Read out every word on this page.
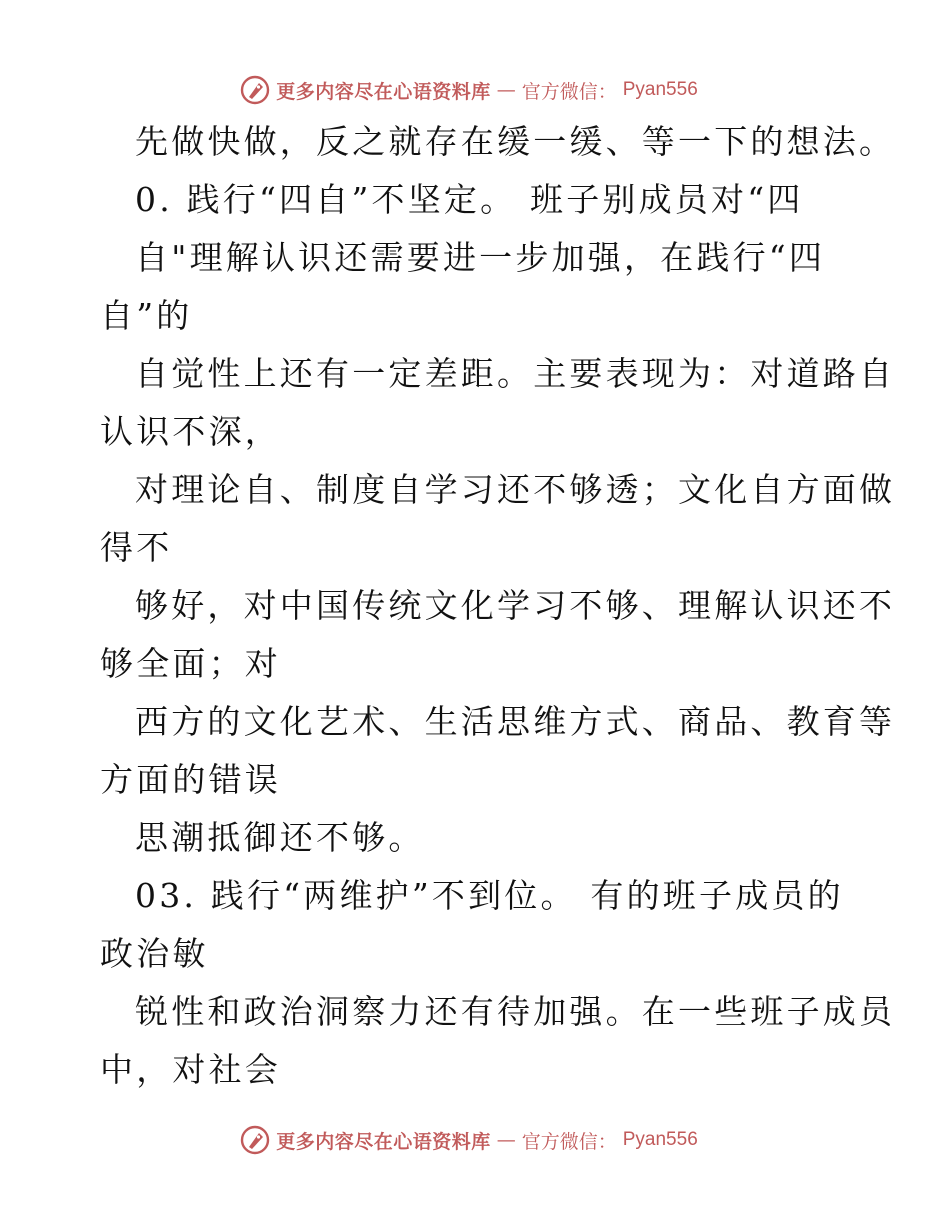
更多内容尽在心语资料库 — 官方微信： Pyan556
先做快做，反之就存在缓一缓、等一下的想法。
0. 践行“四自”不坚定。 班子别成员对“四
自"理解认识还需要进一步加强，在践行“四
自”的
自觉性上还有一定差距。主要表现为：对道路自
认识不深，
对理论自、制度自学习还不够透；文化自方面做
得不
够好，对中国传统文化学习不够、理解认识还不
够全面；对
西方的文化艺术、生活思维方式、商品、教育等
方面的错误
思潮抵御还不够。
03. 践行“两维护”不到位。 有的班子成员的
政治敏
锐性和政治洞察力还有待加强。在一些班子成员
中，对社会
更多内容尽在心语资料库 — 官方微信： Pyan556
